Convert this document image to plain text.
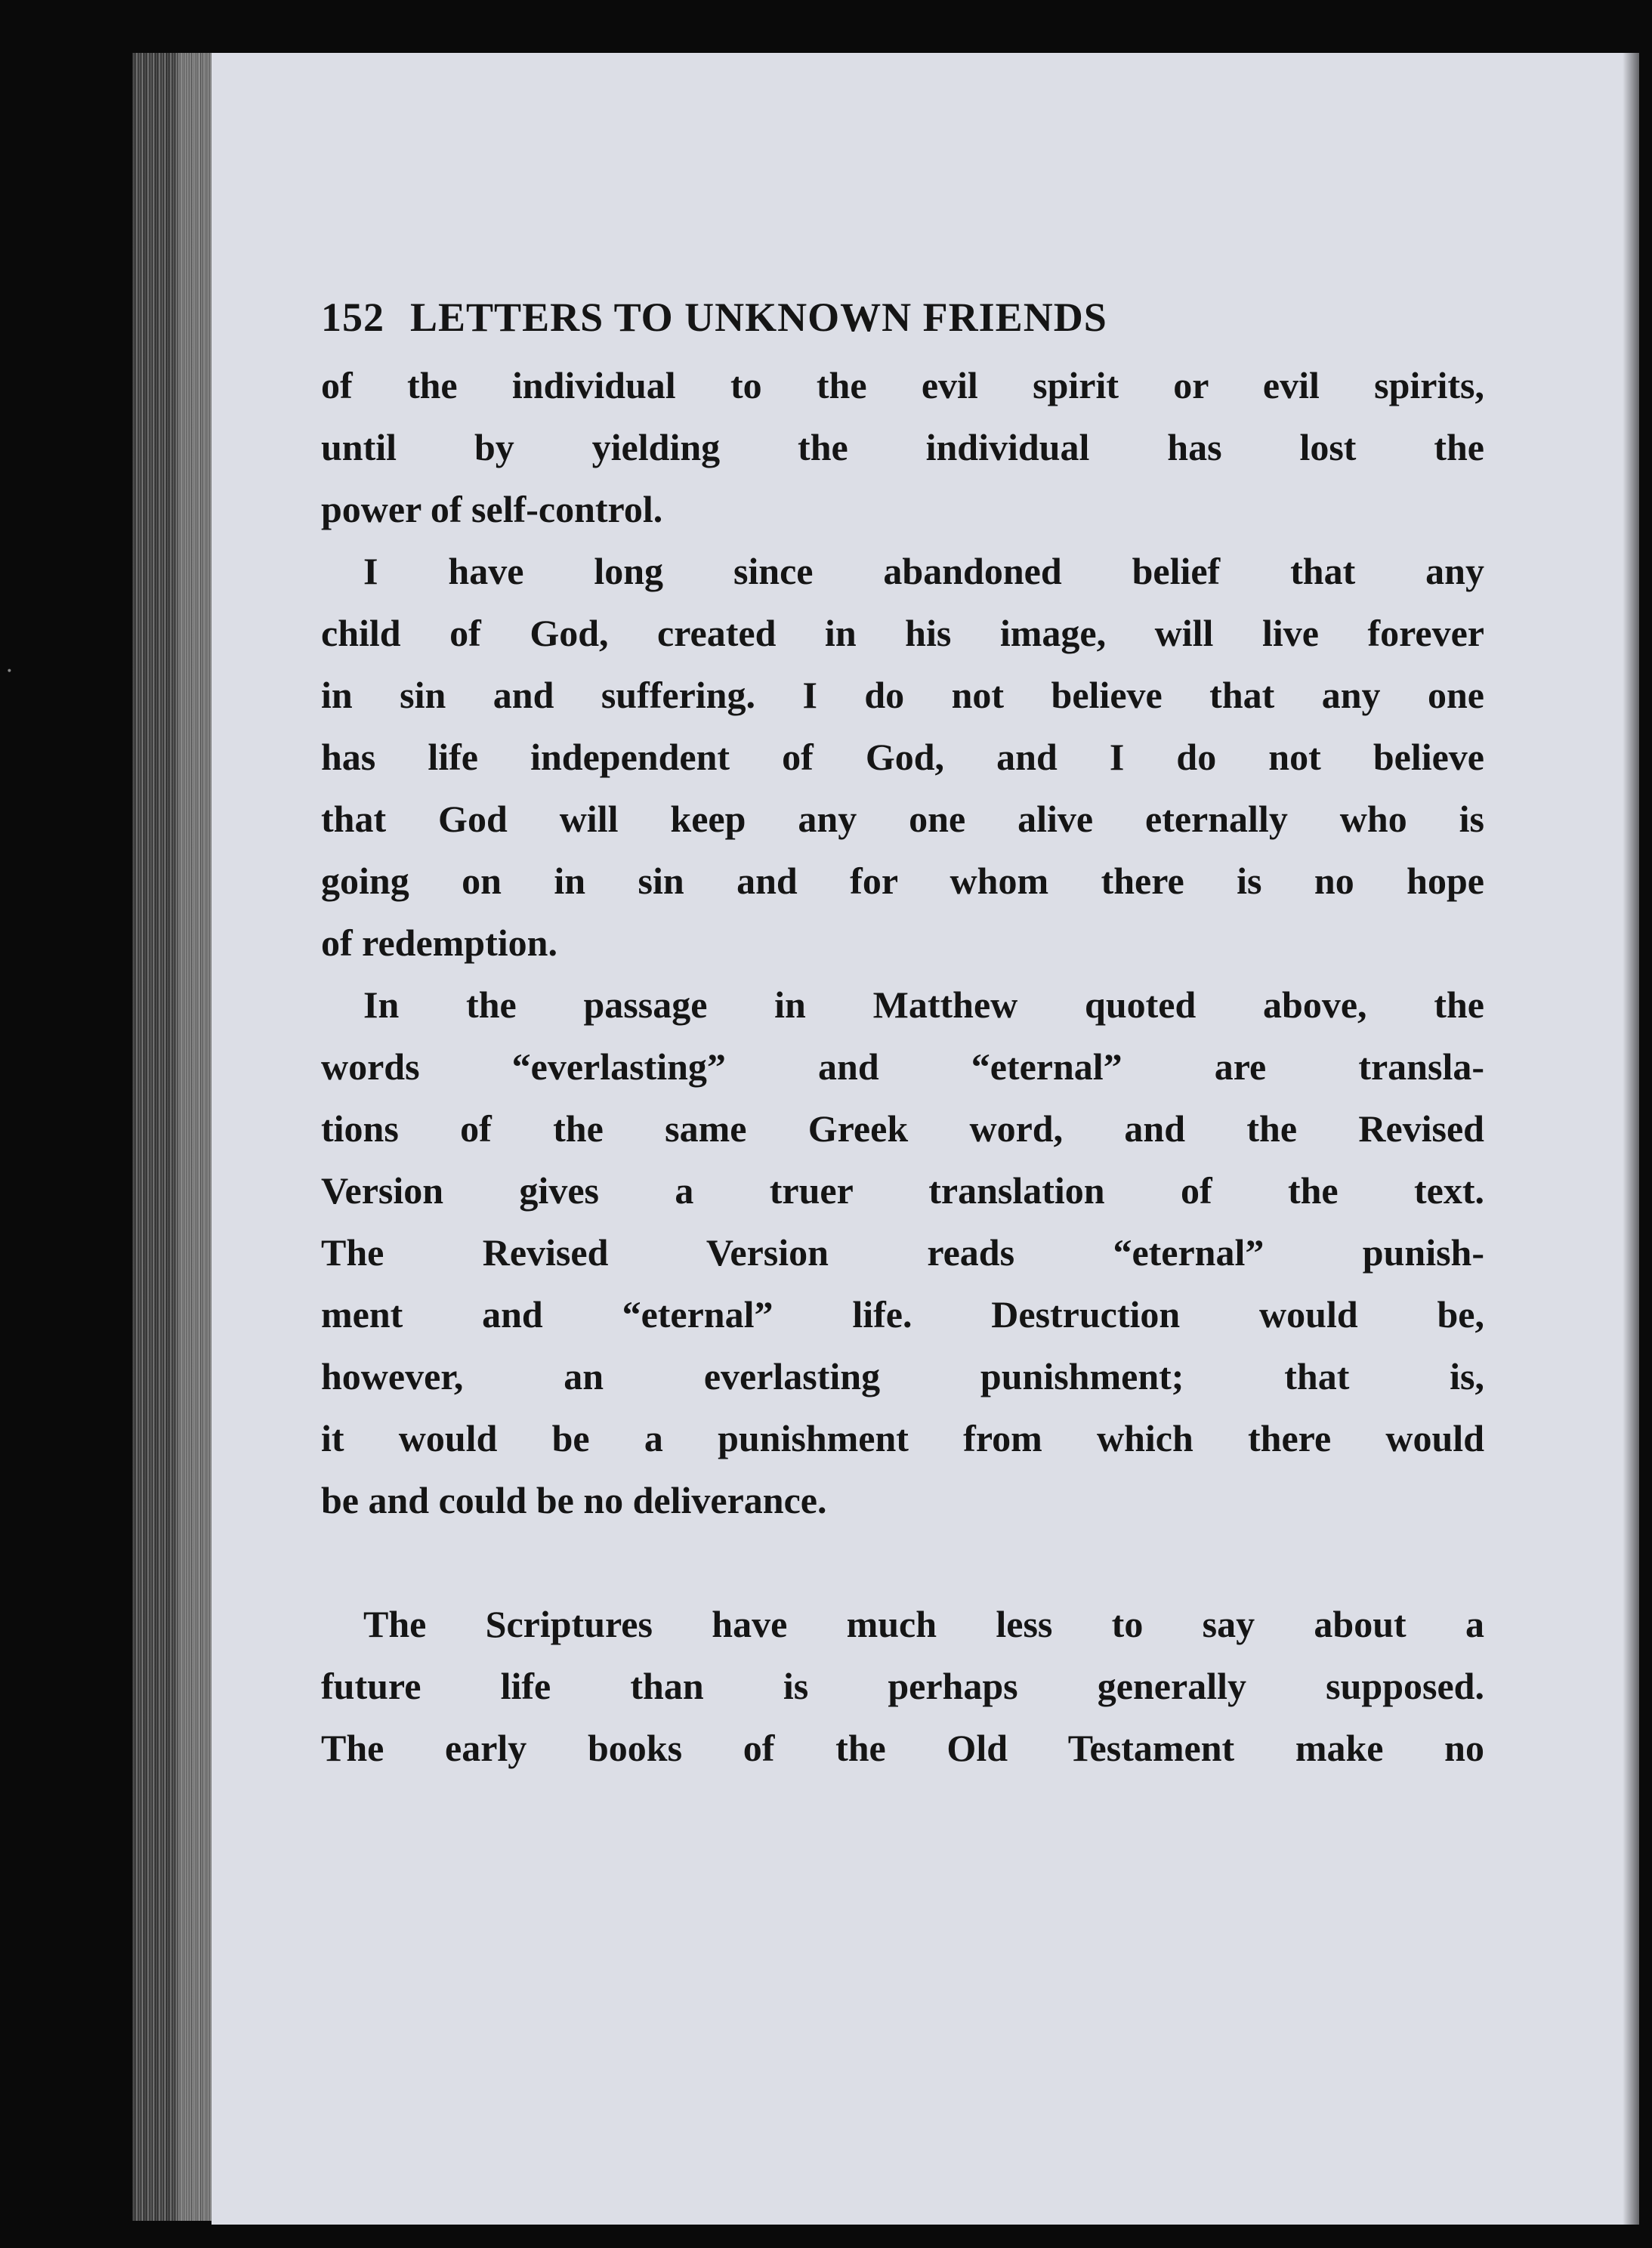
∙
152 LETTERS TO UNKNOWN FRIENDS
of the individual to the evil spirit or evil spirits,
until by yielding the individual has lost the
power of self-control.
I have long since abandoned belief that any
child of God, created in his image, will live forever
in sin and suffering. I do not believe that any one
has life independent of God, and I do not believe
that God will keep any one alive eternally who is
going on in sin and for whom there is no hope
of redemption.
In the passage in Matthew quoted above, the
words “everlasting” and “eternal” are transla-
tions of the same Greek word, and the Revised
Version gives a truer translation of the text.
The Revised Version reads “eternal” punish-
ment and “eternal” life. Destruction would be,
however, an everlasting punishment; that is,
it would be a punishment from which there would
be and could be no deliverance.
The Scriptures have much less to say about a
future life than is perhaps generally supposed.
The early books of the Old Testament make no
